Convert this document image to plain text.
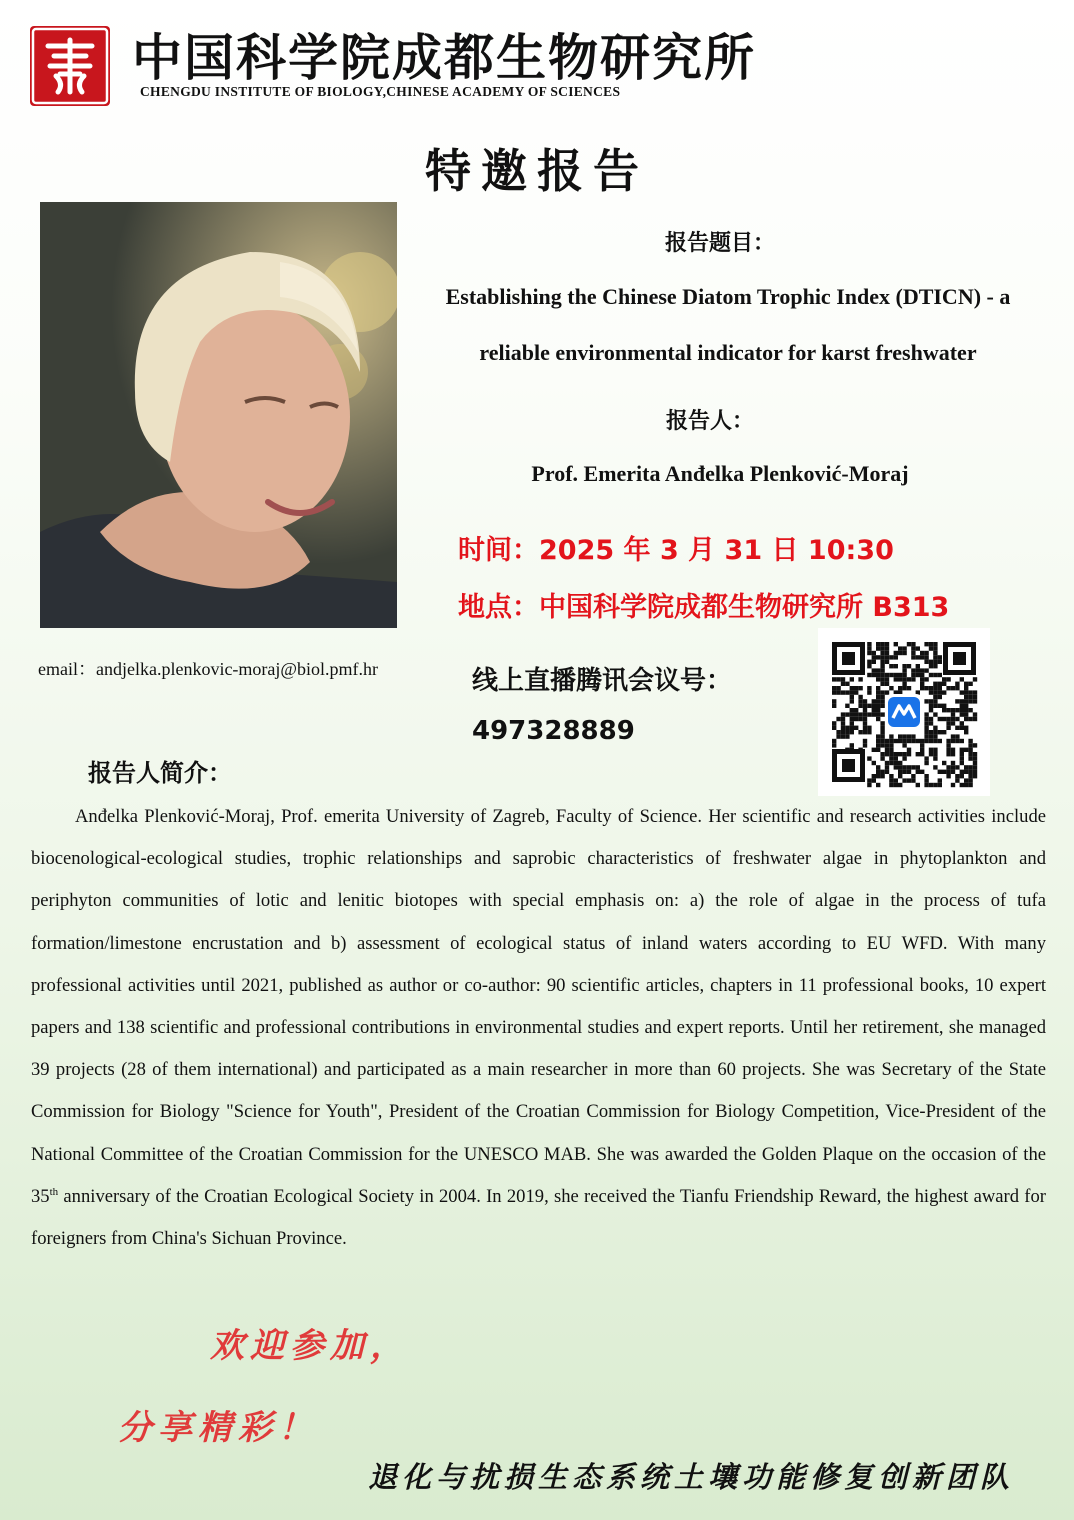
中国科学院成都生物研究所
CHENGDU INSTITUTE OF BIOLOGY,CHINESE ACADEMY OF SCIENCES
特邀报告
报告题目：
Establishing the Chinese Diatom Trophic Index (DTICN) - a
reliable environmental indicator for karst freshwater
报告人：
Prof. Emerita Anđelka Plenković-Moraj
时间：2025 年 3 月 31 日 10:30
地点：中国科学院成都生物研究所 B313
email：andjelka.plenkovic-moraj@biol.pmf.hr	线上直播腾讯会议号：
497328889
报告人简介：

Anđelka Plenković-Moraj, Prof. emerita University of Zagreb, Faculty of Science. Her scientific and research activities include biocenological-ecological studies, trophic relationships and saprobic characteristics of freshwater algae in phytoplankton and periphyton communities of lotic and lenitic biotopes with special emphasis on: a) the role of algae in the process of tufa formation/limestone encrustation and b) assessment of ecological status of inland waters according to EU WFD. With many professional activities until 2021, published as author or co-author: 90 scientific articles, chapters in 11 professional books, 10 expert papers and 138 scientific and professional contributions in environmental studies and expert reports. Until her retirement, she managed 39 projects (28 of them international) and participated as a main researcher in more than 60 projects. She was Secretary of the State Commission for Biology "Science for Youth", President of the Croatian Commission for Biology Competition, Vice-President of the National Committee of the Croatian Commission for the UNESCO MAB. She was awarded the Golden Plaque on the occasion of the 35th anniversary of the Croatian Ecological Society in 2004. In 2019, she received the Tianfu Friendship Reward, the highest award for foreigners from China's Sichuan Province.

欢迎参加，
分享精彩！
退化与扰损生态系统土壤功能修复创新团队
